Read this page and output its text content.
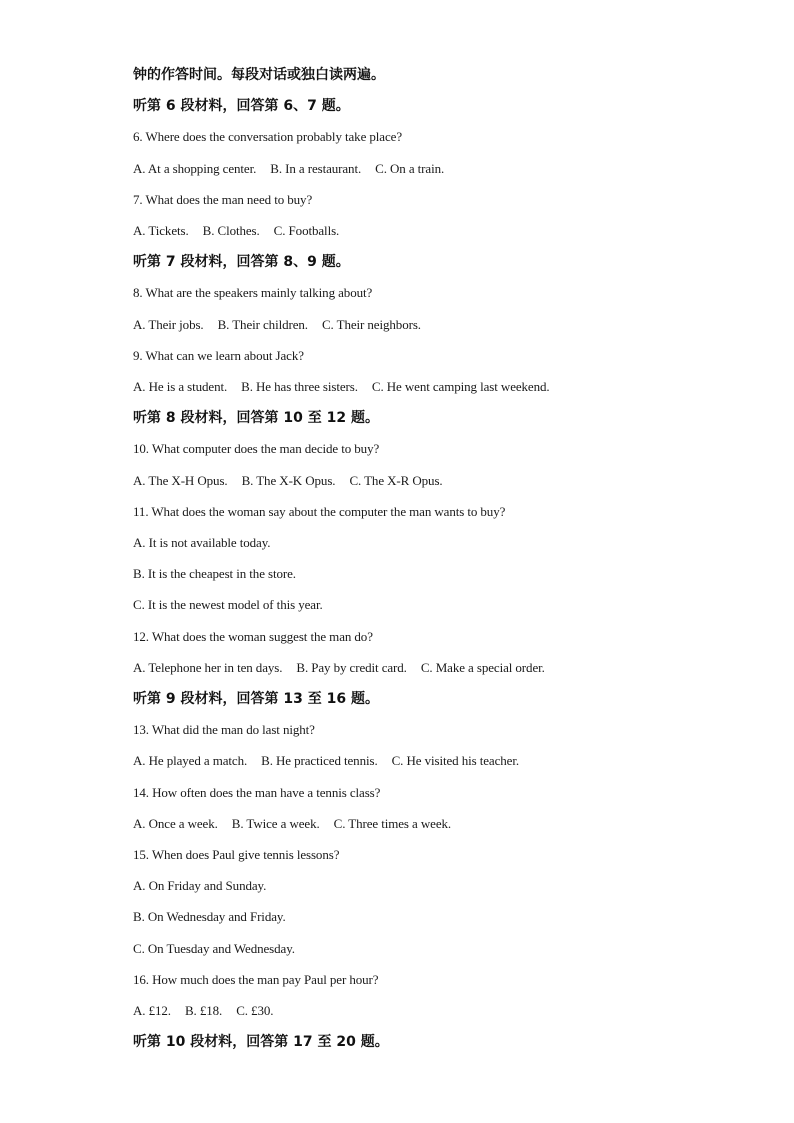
钟的作答时间。每段对话或独白读两遍。
听第 6 段材料，回答第 6、7 题。
6. Where does the conversation probably take place?
A. At a shopping center. B. In a restaurant. C. On a train.
7. What does the man need to buy?
A. Tickets. B. Clothes. C. Footballs.
听第 7 段材料，回答第 8、9 题。
8. What are the speakers mainly talking about?
A. Their jobs. B. Their children. C. Their neighbors.
9. What can we learn about Jack?
A. He is a student. B. He has three sisters. C. He went camping last weekend.
听第 8 段材料，回答第 10 至 12 题。
10. What computer does the man decide to buy?
A. The X-H Opus. B. The X-K Opus. C. The X-R Opus.
11. What does the woman say about the computer the man wants to buy?
A. It is not available today.
B. It is the cheapest in the store.
C. It is the newest model of this year.
12. What does the woman suggest the man do?
A. Telephone her in ten days. B. Pay by credit card. C. Make a special order.
听第 9 段材料，回答第 13 至 16 题。
13. What did the man do last night?
A. He played a match. B. He practiced tennis. C. He visited his teacher.
14. How often does the man have a tennis class?
A. Once a week. B. Twice a week. C. Three times a week.
15. When does Paul give tennis lessons?
A. On Friday and Sunday.
B. On Wednesday and Friday.
C. On Tuesday and Wednesday.
16. How much does the man pay Paul per hour?
A. £12. B. £18. C. £30.
听第 10 段材料，回答第 17 至 20 题。
